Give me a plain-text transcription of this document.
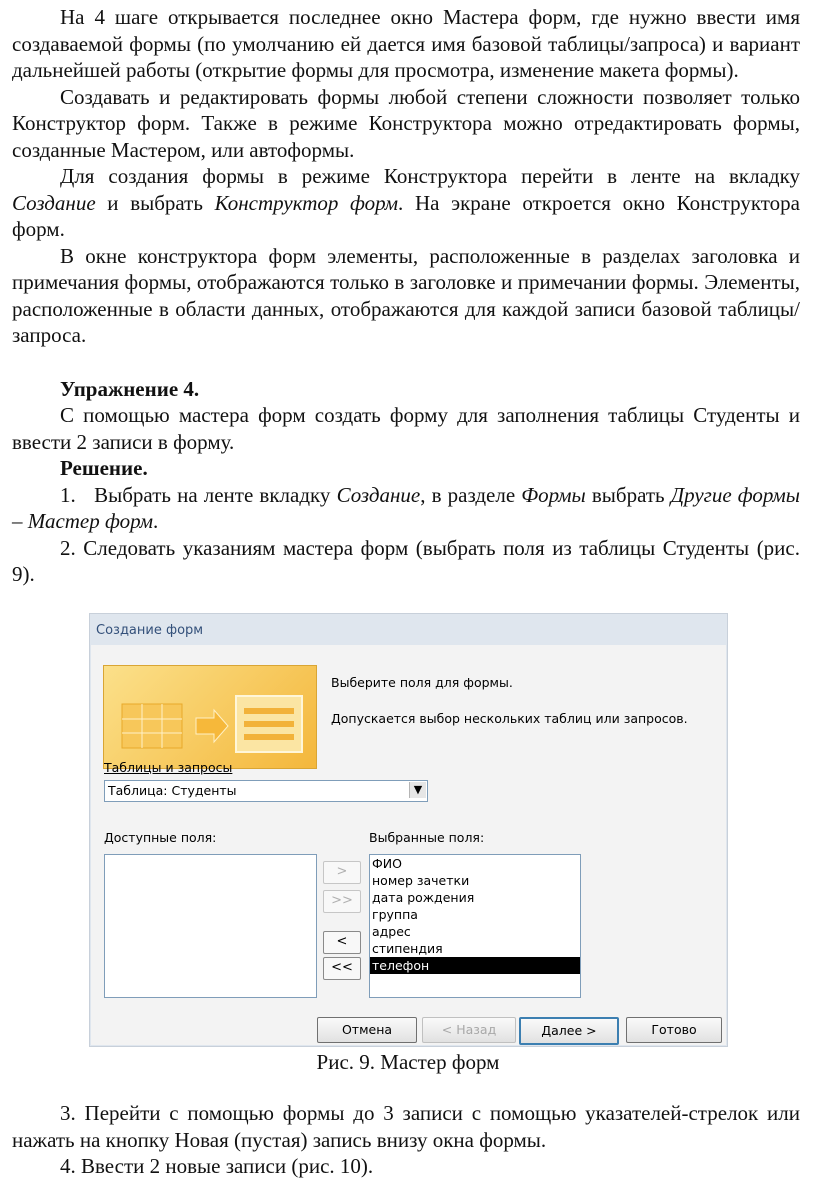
На 4 шаге открывается последнее окно Мастера форм, где нужно ввести имя создаваемой формы (по умолчанию ей дается имя базовой таблицы/запроса) и вариант дальнейшей работы (открытие формы для просмотра, изменение макета формы).

Создавать и редактировать формы любой степени сложности позволяет только Конструктор форм. Также в режиме Конструктора можно отредактировать формы, созданные Мастером, или автоформы.

Для создания формы в режиме Конструктора перейти в ленте на вкладку Создание и выбрать Конструктор форм. На экране откроется окно Конструктора форм.

В окне конструктора форм элементы, расположенные в разделах заголовка и примечания формы, отображаются только в заголовке и примечании формы. Элементы, расположенные в области данных, отображаются для каждой записи базовой таблицы/запроса.

Упражнение 4.

С помощью мастера форм создать форму для заполнения таблицы Студенты и ввести 2 записи в форму.

Решение.

1. Выбрать на ленте вкладку Создание, в разделе Формы выбрать Другие формы – Мастер форм.

2. Следовать указаниям мастера форм (выбрать поля из таблицы Студенты (рис. 9).

Создание форм
Выберите поля для формы.
Допускается выбор нескольких таблиц или запросов.
Таблицы и запросы
Таблица: Студенты	▼
Доступные поля:	Выбранные поля:
>
>>
<
<<
ФИО
номер зачетки
дата рождения
группа
адрес
стипендия
телефон
Отмена	< Назад	Далее >	Готово
Рис. 9. Мастер форм

3. Перейти с помощью формы до 3 записи с помощью указателей-стрелок или нажать на кнопку Новая (пустая) запись внизу окна формы.

4. Ввести 2 новые записи (рис. 10).
